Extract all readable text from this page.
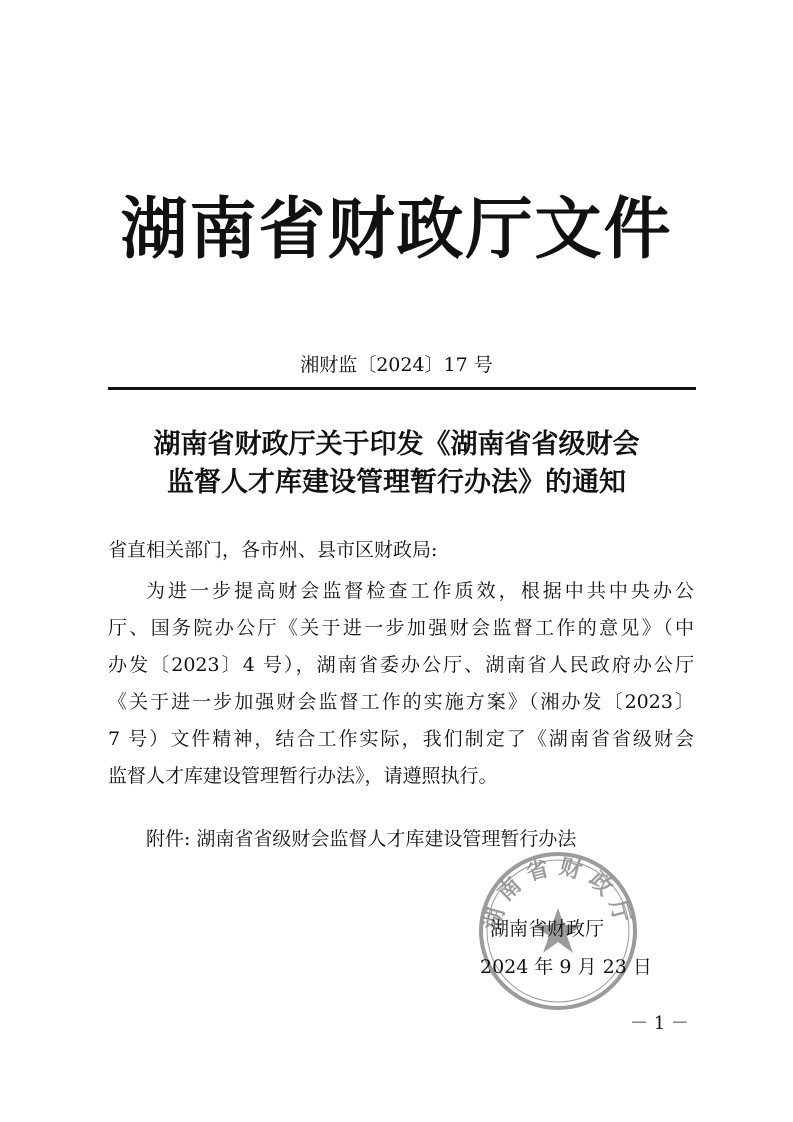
湖南省财政厅文件
湘财监〔2024〕17 号
湖南省财政厅关于印发《湖南省省级财会
监督人才库建设管理暂行办法》的通知
省直相关部门，各市州、县市区财政局:
为进一步提高财会监督检查工作质效，根据中共中央办公
厅、国务院办公厅《关于进一步加强财会监督工作的意见》（中
办发〔2023〕4 号），湖南省委办公厅、湖南省人民政府办公厅
《关于进一步加强财会监督工作的实施方案》（湘办发〔2023〕
7 号）文件精神，结合工作实际，我们制定了《湖南省省级财会
监督人才库建设管理暂行办法》，请遵照执行。
附件: 湖南省省级财会监督人才库建设管理暂行办法
湖南省财政厅
湖南省财政厅
2024 年 9 月 23 日
－ 1 －
